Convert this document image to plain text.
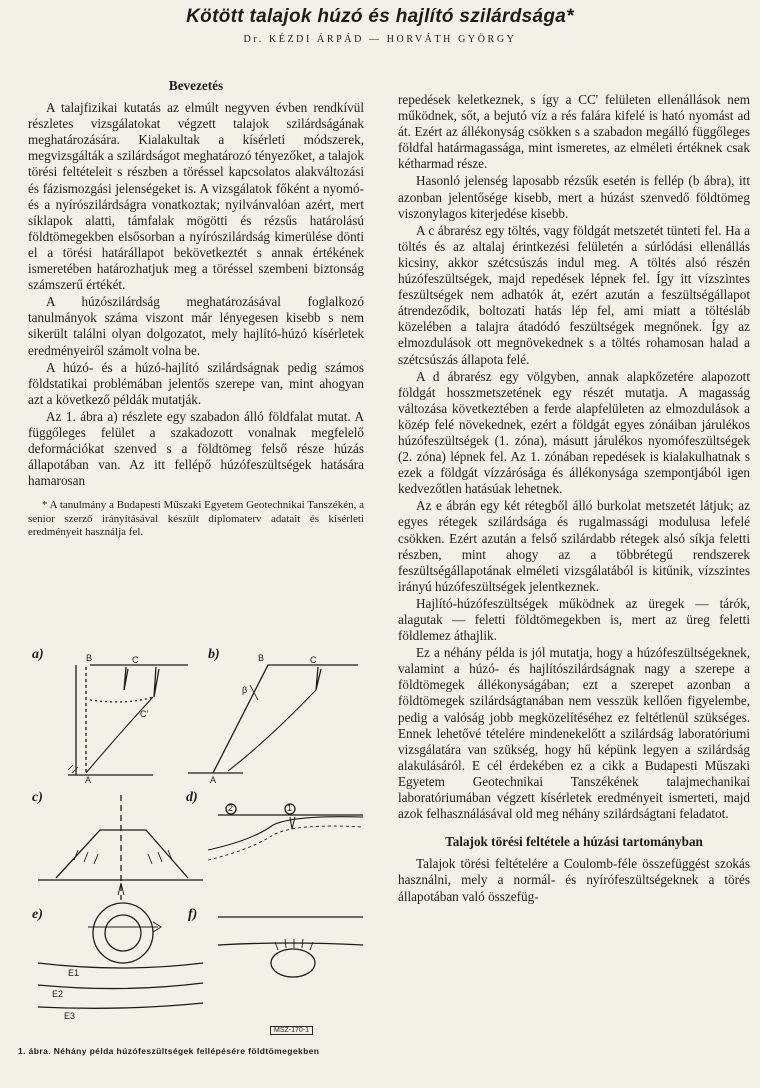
Kötött talajok húzó és hajlító szilárdsága*
Dr. KÉZDI ÁRPÁD — HORVÁTH GYÖRGY

Bevezetés

A talajfizikai kutatás az elmúlt negyven évben rendkívül részletes vizsgálatokat végzett talajok szilárdságának meghatározására. Kialakultak a kísérleti módszerek, megvizsgálták a szilárdságot meghatározó tényezőket, a talajok törési feltételeit s részben a töréssel kapcsolatos alakváltozási és fázismozgási jelenségeket is. A vizsgálatok főként a nyomó- és a nyírószilárdságra vonatkoztak; nyilvánvalóan azért, mert síklapok alatti, támfalak mögötti és rézsűs határolású földtömegekben elsősorban a nyírószilárdság kimerülése dönti el a törési határállapot bekövetkeztét s annak értékének ismeretében határozhatjuk meg a töréssel szembeni biztonság számszerű értékét.

A húzószilárdság meghatározásával foglalkozó tanulmányok száma viszont már lényegesen kisebb s nem sikerült találni olyan dolgozatot, mely hajlító-húzó kísérletek eredményeiről számolt volna be.

A húzó- és a húzó-hajlító szilárdságnak pedig számos földstatikai problémában jelentős szerepe van, mint ahogyan azt a következő példák mutatják.

Az 1. ábra a) részlete egy szabadon álló földfalat mutat. A függőleges felület a szakadozott vonalnak megfelelő deformációkat szenved s a földtömeg felső része húzás állapotában van. Az itt fellépő húzófeszültségek hatására hamarosan

* A tanulmány a Budapesti Műszaki Egyetem Geotechnikai Tanszékén, a senior szerző irányításával készült diplomaterv adatait és kísérleti eredményeit használja fel.

repedések keletkeznek, s így a CC' felületen ellenállások nem működnek, sőt, a bejutó víz a rés falára kifelé is ható nyomást ad át. Ezért az állékonyság csökken s a szabadon megálló függőleges földfal határmagassága, mint ismeretes, az elméleti értéknek csak kétharmad része.

Hasonló jelenség laposabb rézsűk esetén is fellép (b ábra), itt azonban jelentősége kisebb, mert a húzást szenvedő földtömeg viszonylagos kiterjedése kisebb.

A c ábrarész egy töltés, vagy földgát metszetét tünteti fel. Ha a töltés és az altalaj érintkezési felületén a súrlódási ellenállás kicsiny, akkor szétcsúszás indul meg. A töltés alsó részén húzófeszültségek, majd repedések lépnek fel. Így itt vízszintes feszültségek nem adhatók át, ezért azután a feszültségállapot átrendeződik, boltozati hatás lép fel, ami miatt a töltésláb közelében a talajra átadódó feszültségek megnőnek. Így az elmozdulások ott megnövekednek s a töltés rohamosan halad a szétcsúszás állapota felé.

A d ábrarész egy völgyben, annak alapkőzetére alapozott földgát hosszmetszetének egy részét mutatja. A magasság változása következtében a ferde alapfelületen az elmozdulások a közép felé növekednek, ezért a földgát egyes zónáiban járulékos húzófeszültségek (1. zóna), másutt járulékos nyomófeszültségek (2. zóna) lépnek fel. Az 1. zónában repedések is kialakulhatnak s ezek a földgát vízzárósága és állékonysága szempontjából igen kedvezőtlen hatásúak lehetnek.

Az e ábrán egy két rétegből álló burkolat metszetét látjuk; az egyes rétegek szilárdsága és rugalmassági modulusa lefelé csökken. Ezért azután a felső szilárdabb rétegek alsó síkja feletti részben, mint ahogy az a többrétegű rendszerek feszültségállapotának elméleti vizsgálatából is kitűnik, vízszintes irányú húzófeszültségek jelentkeznek.

Hajlító-húzófeszültségek működnek az üregek — tárók, alagutak — feletti földtömegekben is, mert az üreg feletti földlemez áthajlik.

Ez a néhány példa is jól mutatja, hogy a húzófeszültségeknek, valamint a húzó- és hajlítószilárdságnak nagy a szerepe a földtömegek állékonyságában; ezt a szerepet azonban a földtömegek szilárdságtanában nem vesszük kellően figyelembe, pedig a valóság jobb megközelítéséhez ez feltétlenül szükséges. Ennek lehetővé tételére mindenekelőtt a szilárdság laboratóriumi vizsgálatára van szükség, hogy hű képünk legyen a szilárdság alakulásáról. E cél érdekében ez a cikk a Budapesti Műszaki Egyetem Geotechnikai Tanszékének talajmechanikai laboratóriumában végzett kísérletek eredményeit ismerteti, majd azok felhasználásával old meg néhány szilárdságtani feladatot.

Talajok törési feltétele a húzási tartományban

Talajok törési feltételére a Coulomb-féle összefüggést szokás használni, mely a normál- és nyírófeszültségeknek a törés állapotában való összefüg-

a)	b)
c)	d)
e)	f)
B	C
C'
A
B	C
A
β
2	1
E1
E2
E3
MSZ-170-1
1. ábra. Néhány példa húzófeszültségek fellépésére földtömegekben
